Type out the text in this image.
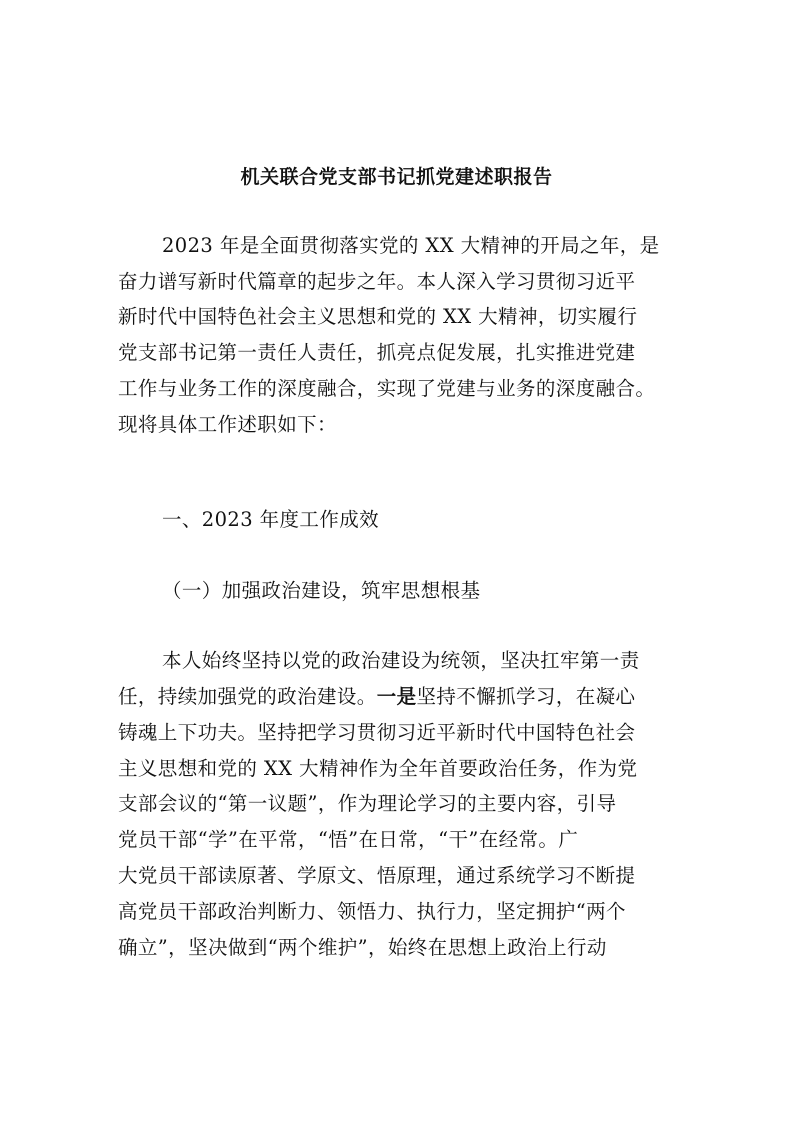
机关联合党支部书记抓党建述职报告
2023 年是全面贯彻落实党的 XX 大精神的开局之年，是
奋力谱写新时代篇章的起步之年。本人深入学习贯彻习近平
新时代中国特色社会主义思想和党的 XX 大精神，切实履行
党支部书记第一责任人责任，抓亮点促发展，扎实推进党建
工作与业务工作的深度融合，实现了党建与业务的深度融合。
现将具体工作述职如下：
一、2023 年度工作成效
（一）加强政治建设，筑牢思想根基
本人始终坚持以党的政治建设为统领，坚决扛牢第一责
任，持续加强党的政治建设。一是坚持不懈抓学习，在凝心
铸魂上下功夫。坚持把学习贯彻习近平新时代中国特色社会
主义思想和党的 XX 大精神作为全年首要政治任务，作为党
支部会议的“第一议题”，作为理论学习的主要内容，引导
党员干部“学”在平常，“悟”在日常，“干”在经常。广
大党员干部读原著、学原文、悟原理，通过系统学习不断提
高党员干部政治判断力、领悟力、执行力，坚定拥护“两个
确立”，坚决做到“两个维护”，始终在思想上政治上行动
